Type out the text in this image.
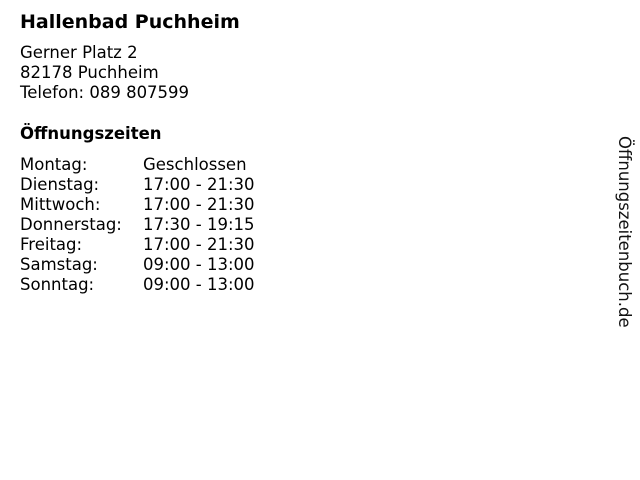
Hallenbad Puchheim
Gerner Platz 2
82178 Puchheim
Telefon: 089 807599
Öffnungszeiten
Montag:	Geschlossen
Dienstag:	17:00 - 21:30
Mittwoch:	17:00 - 21:30
Donnerstag:	17:30 - 19:15
Freitag:	17:00 - 21:30
Samstag:	09:00 - 13:00
Sonntag:	09:00 - 13:00	Öffnungszeitenbuch.de
